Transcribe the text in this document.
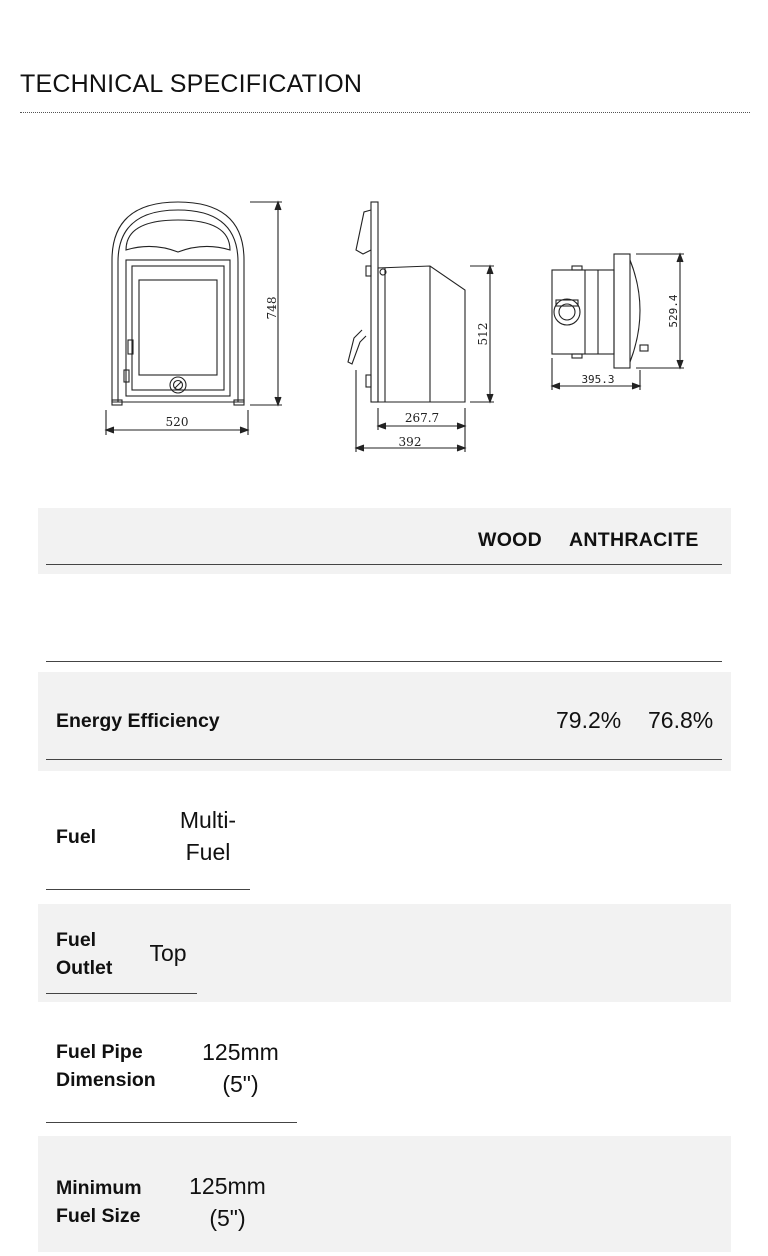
TECHNICAL SPECIFICATION
748
520
512
267.7
392
529.4
395.3
WOOD ANTHRACITE
Energy Efficiency	79.2% 76.8%
Fuel
Multi-
Fuel
Fuel
Outlet
Top
Fuel Pipe
Dimension
125mm
(5")
Minimum
Fuel Size
125mm
(5")
